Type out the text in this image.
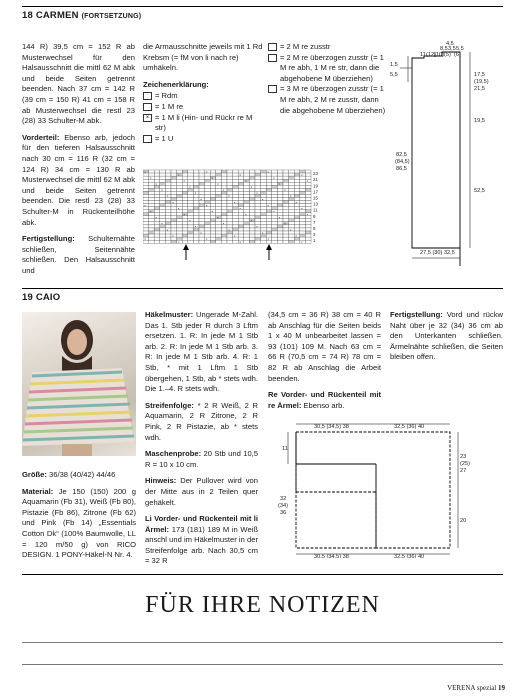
18 CARMEN (FORTSETZUNG)

144 R) 39,5 cm = 152 R ab Musterwechsel für den Halsausschnitt die mittl 62 M abk und beide Seiten getrennt beenden. Nach 37 cm = 142 R (39 cm = 150 R) 41 cm = 158 R ab Musterwechsel die restl 23 (28) 33 Schulter-M abk.

Vorderteil: Ebenso arb, jedoch für den tieferen Halsausschnitt nach 30 cm = 116 R (32 cm = 124 R) 34 cm = 130 R ab Musterwechsel die mittl 62 M abk und beide Seiten getrennt beenden. Die restl 23 (28) 33 Schulter-M in Rückenteilhöhe abk.

Fertigstellung: Schulternähte schließen, Seitennähte schließen. Den Halsausschnitt und

die Armausschnitte jeweils mit 1 Rd Krebsm (= fM von li nach re) umhäkeln.

Zeichenerklärung:

= Rdm
= 1 M re
× = 1 M li (Hin- und Rückr re M str)
= 1 U
= 2 M re zusstr
= 2 M re überzogen zusstr (= 1 M re abh, 1 M re str, dann die abgehobene M überziehen)
= 3 M re überzogen zusstr (= 1 M re abh, 2 M re zusstr, dann die abgehobene M überziehen)
×	×	×
×	×	×
×	×	×
×	×	×
×	×	×
×	×
×	×	×
×	×
×	×	×
×	×
×	×	×
×	×	×
×	×	×
×	×	×
×	×	×
×	×	×
×	×
×	×	×
×	×
×	×	×
×	×
×	×	×
×	×	×
×	×	×
23
21
19
17
15
13
11
9
7
5
3
1
4,5
8,5 3,5 5,5
(10) (5) (6)
11 (12)
1,5
5,5	17,5
(19,5)
21,5
19,5
52,5
82,5
(84,5)
86,5
27,5 (30) 32,5
19 CAIO

Größe: 36/38 (40/42) 44/46

Material: Je 150 (150) 200 g Aquamarin (Fb 31), Weiß (Fb 80), Pistazie (Fb 86), Zitrone (Fb 62) und Pink (Fb 14) „Essentials Cotton Dk“ (100% Baumwolle, LL = 120 m/50 g) von RICO DESIGN. 1 PONY-Häkel-N Nr. 4.

Häkelmuster: Ungerade M-Zahl. Das 1. Stb jeder R durch 3 Lftm ersetzen. 1. R: In jede M 1 Stb arb. 2. R: In jede M 1 Stb arb. 3. R: In jede M 1 Stb arb. 4. R: 1 Stb, * mit 1 Lftm 1 Stb übergehen, 1 Stb, ab * stets wdh. Die 1.–4. R stets wdh.

Streifenfolge: * 2 R Weiß, 2 R Aquamarin, 2 R Zitrone, 2 R Pink, 2 R Pistazie, ab * stets wdh.

Maschenprobe: 20 Stb und 10,5 R = 10 x 10 cm.

Hinweis: Der Pullover wird von der Mitte aus in 2 Teilen quer gehäkelt.

Li Vorder- und Rückenteil mit li Ärmel: 173 (181) 189 M in Weiß anschl und im Häkelmuster in der Streifenfolge arb. Nach 30,5 cm = 32 R

(34,5 cm = 36 R) 38 cm = 40 R ab Anschlag für die Seiten beids 1 x 40 M unbearbeitet lassen = 93 (101) 109 M. Nach 63 cm = 66 R (70,5 cm = 74 R) 78 cm = 82 R ab Anschlag die Arbeit beenden.

Re Vorder- und Rückenteil mit re Ärmel: Ebenso arb.

Fertigstellung: Vord und rückw Naht über je 32 (34) 36 cm ab den Unterkanten schließen. Ärmelnähte schließen, die Seiten bleiben offen.

30,5 (34,5) 38	32,5 (36) 40
11
32
(34)
36
23
(25)
27
20
30,5 (34,5) 38	32,5 (36) 40
FÜR IHRE NOTIZEN
VERENA spezial 19
